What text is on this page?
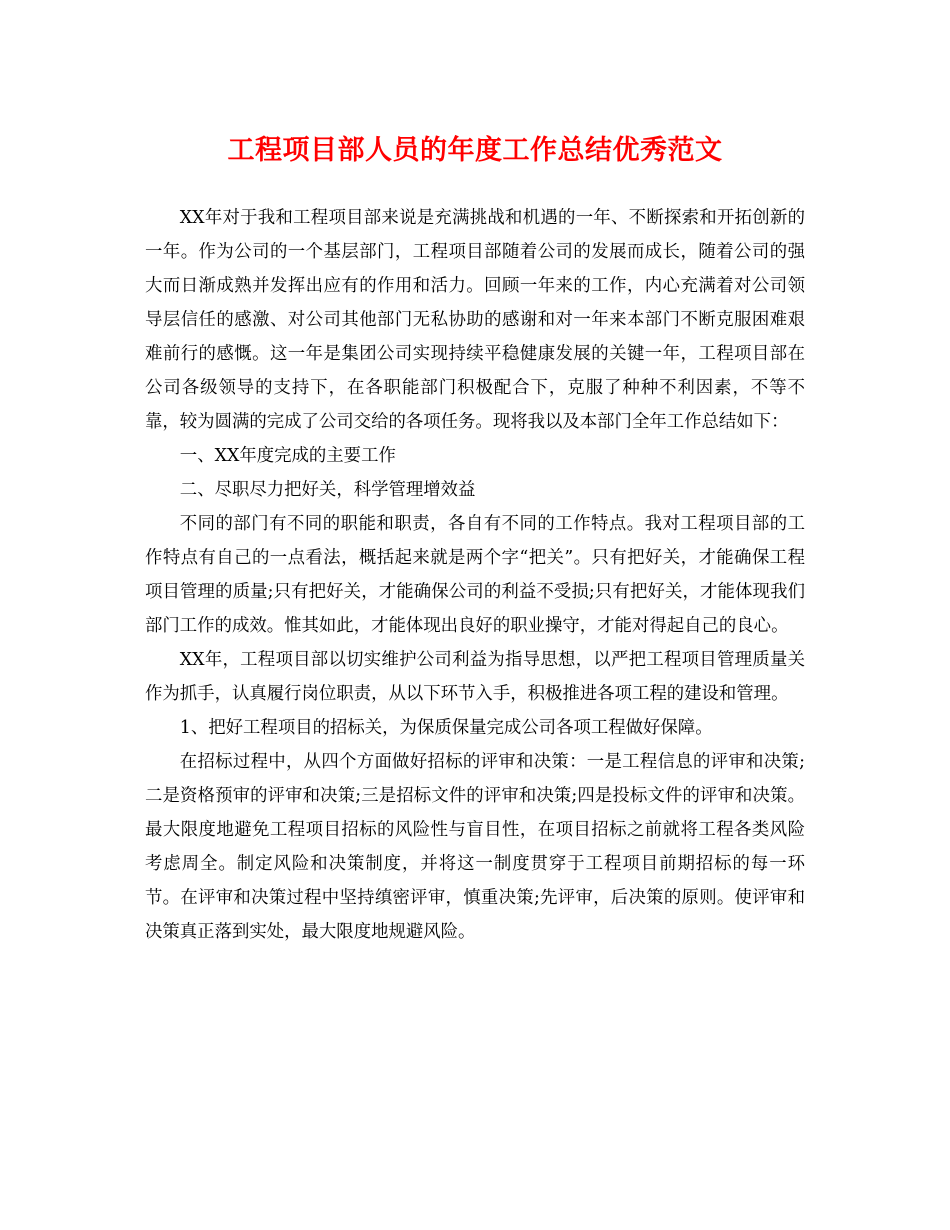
工程项目部人员的年度工作总结优秀范文

XX年对于我和工程项目部来说是充满挑战和机遇的一年、不断探索和开拓创新的一年。作为公司的一个基层部门，工程项目部随着公司的发展而成长，随着公司的强大而日渐成熟并发挥出应有的作用和活力。回顾一年来的工作，内心充满着对公司领导层信任的感激、对公司其他部门无私协助的感谢和对一年来本部门不断克服困难艰难前行的感慨。这一年是集团公司实现持续平稳健康发展的关键一年，工程项目部在公司各级领导的支持下，在各职能部门积极配合下，克服了种种不利因素，不等不靠，较为圆满的完成了公司交给的各项任务。现将我以及本部门全年工作总结如下：

一、XX年度完成的主要工作

二、尽职尽力把好关，科学管理增效益

不同的部门有不同的职能和职责，各自有不同的工作特点。我对工程项目部的工作特点有自己的一点看法，概括起来就是两个字“把关”。只有把好关，才能确保工程项目管理的质量;只有把好关，才能确保公司的利益不受损;只有把好关，才能体现我们部门工作的成效。惟其如此，才能体现出良好的职业操守，才能对得起自己的良心。

XX年，工程项目部以切实维护公司利益为指导思想，以严把工程项目管理质量关作为抓手，认真履行岗位职责，从以下环节入手，积极推进各项工程的建设和管理。

1、把好工程项目的招标关，为保质保量完成公司各项工程做好保障。

在招标过程中，从四个方面做好招标的评审和决策：一是工程信息的评审和决策;二是资格预审的评审和决策;三是招标文件的评审和决策;四是投标文件的评审和决策。最大限度地避免工程项目招标的风险性与盲目性，在项目招标之前就将工程各类风险考虑周全。制定风险和决策制度，并将这一制度贯穿于工程项目前期招标的每一环节。在评审和决策过程中坚持缜密评审，慎重决策;先评审，后决策的原则。使评审和决策真正落到实处，最大限度地规避风险。
